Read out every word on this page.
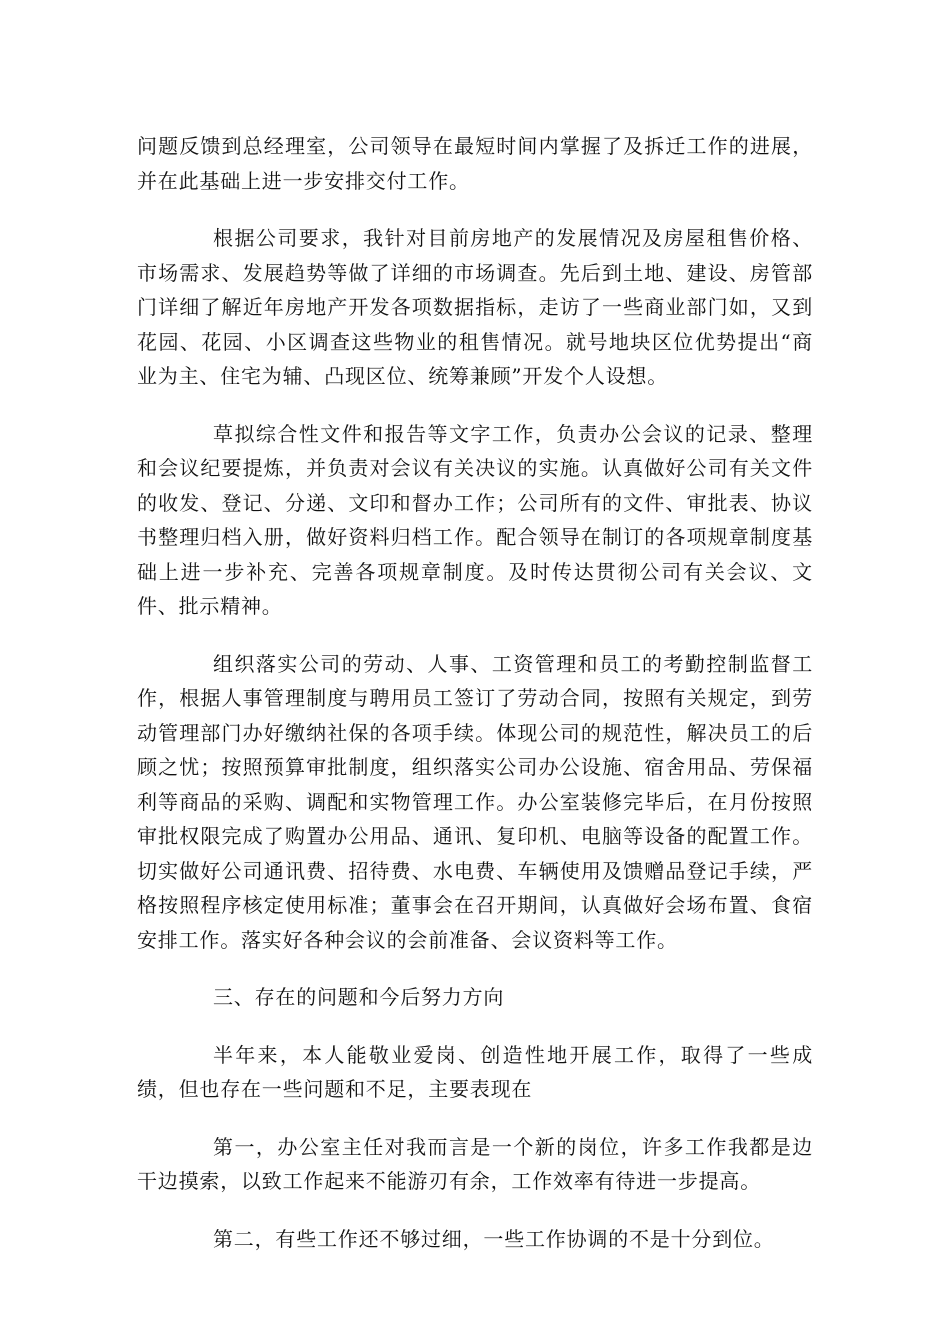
问题反馈到总经理室，公司领导在最短时间内掌握了及拆迁工作的进展，并在此基础上进一步安排交付工作。

根据公司要求，我针对目前房地产的发展情况及房屋租售价格、市场需求、发展趋势等做了详细的市场调查。先后到土地、建设、房管部门详细了解近年房地产开发各项数据指标，走访了一些商业部门如，又到花园、花园、小区调查这些物业的租售情况。就号地块区位优势提出“商业为主、住宅为辅、凸现区位、统筹兼顾”开发个人设想。

草拟综合性文件和报告等文字工作，负责办公会议的记录、整理和会议纪要提炼，并负责对会议有关决议的实施。认真做好公司有关文件的收发、登记、分递、文印和督办工作；公司所有的文件、审批表、协议书整理归档入册，做好资料归档工作。配合领导在制订的各项规章制度基础上进一步补充、完善各项规章制度。及时传达贯彻公司有关会议、文件、批示精神。

组织落实公司的劳动、人事、工资管理和员工的考勤控制监督工作，根据人事管理制度与聘用员工签订了劳动合同，按照有关规定，到劳动管理部门办好缴纳社保的各项手续。体现公司的规范性，解决员工的后顾之忧；按照预算审批制度，组织落实公司办公设施、宿舍用品、劳保福利等商品的采购、调配和实物管理工作。办公室装修完毕后，在月份按照审批权限完成了购置办公用品、通讯、复印机、电脑等设备的配置工作。切实做好公司通讯费、招待费、水电费、车辆使用及馈赠品登记手续，严格按照程序核定使用标准；董事会在召开期间，认真做好会场布置、食宿安排工作。落实好各种会议的会前准备、会议资料等工作。

三、存在的问题和今后努力方向

半年来，本人能敬业爱岗、创造性地开展工作，取得了一些成绩，但也存在一些问题和不足，主要表现在

第一，办公室主任对我而言是一个新的岗位，许多工作我都是边干边摸索，以致工作起来不能游刃有余，工作效率有待进一步提高。

第二，有些工作还不够过细，一些工作协调的不是十分到位。
